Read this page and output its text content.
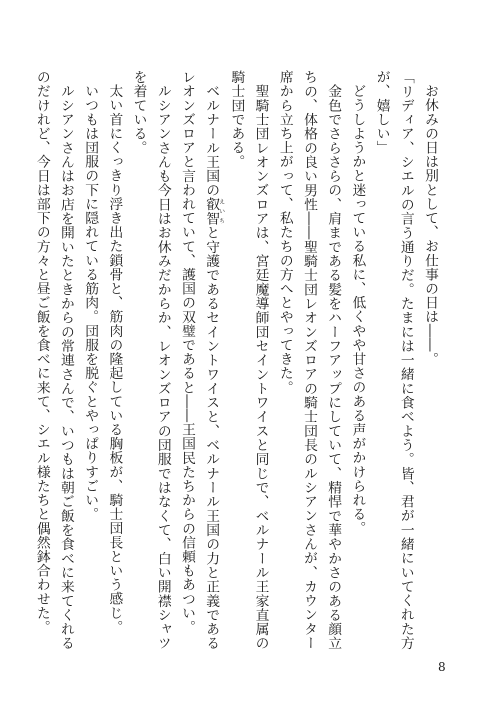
お休みの日は別として、お仕事の日は――。

「リディア、シエルの言う通りだ。たまには一緒に食べよう。皆、君が一緒にいてくれた方が、嬉しい」

どうしようかと迷っている私に、低くやや甘さのある声がかけられる。

金色でさらさらの、肩まである髪をハーフアップにしていて、精悍で華やかさのある顔立ちの、体格の良い男性――聖騎士団レオンズロアの騎士団長のルシアンさんが、カウンター席から立ち上がって、私たちの方へとやってきた。

聖騎士団レオンズロアは、宮廷魔導師団セイントワイスと同じで、ベルナール王家直属の騎士団である。

ベルナール王国の叡智えいちと守護であるセイントワイスと、ベルナール王国の力と正義であるレオンズロアと言われていて、護国の双璧であると――王国民たちからの信頼もあつい。

ルシアンさんも今日はお休みだからか、レオンズロアの団服ではなくて、白い開襟シャツを着ている。

太い首にくっきり浮き出た鎖骨と、筋肉の隆起している胸板が、騎士団長という感じ。

いつもは団服の下に隠れている筋肉。団服を脱ぐとやっぱりすごい。

ルシアンさんはお店を開いたときからの常連さんで、いつもは朝ご飯を食べに来てくれるのだけれど、今日は部下の方々と昼ご飯を食べに来て、シエル様たちと偶然鉢合わせた。

8
